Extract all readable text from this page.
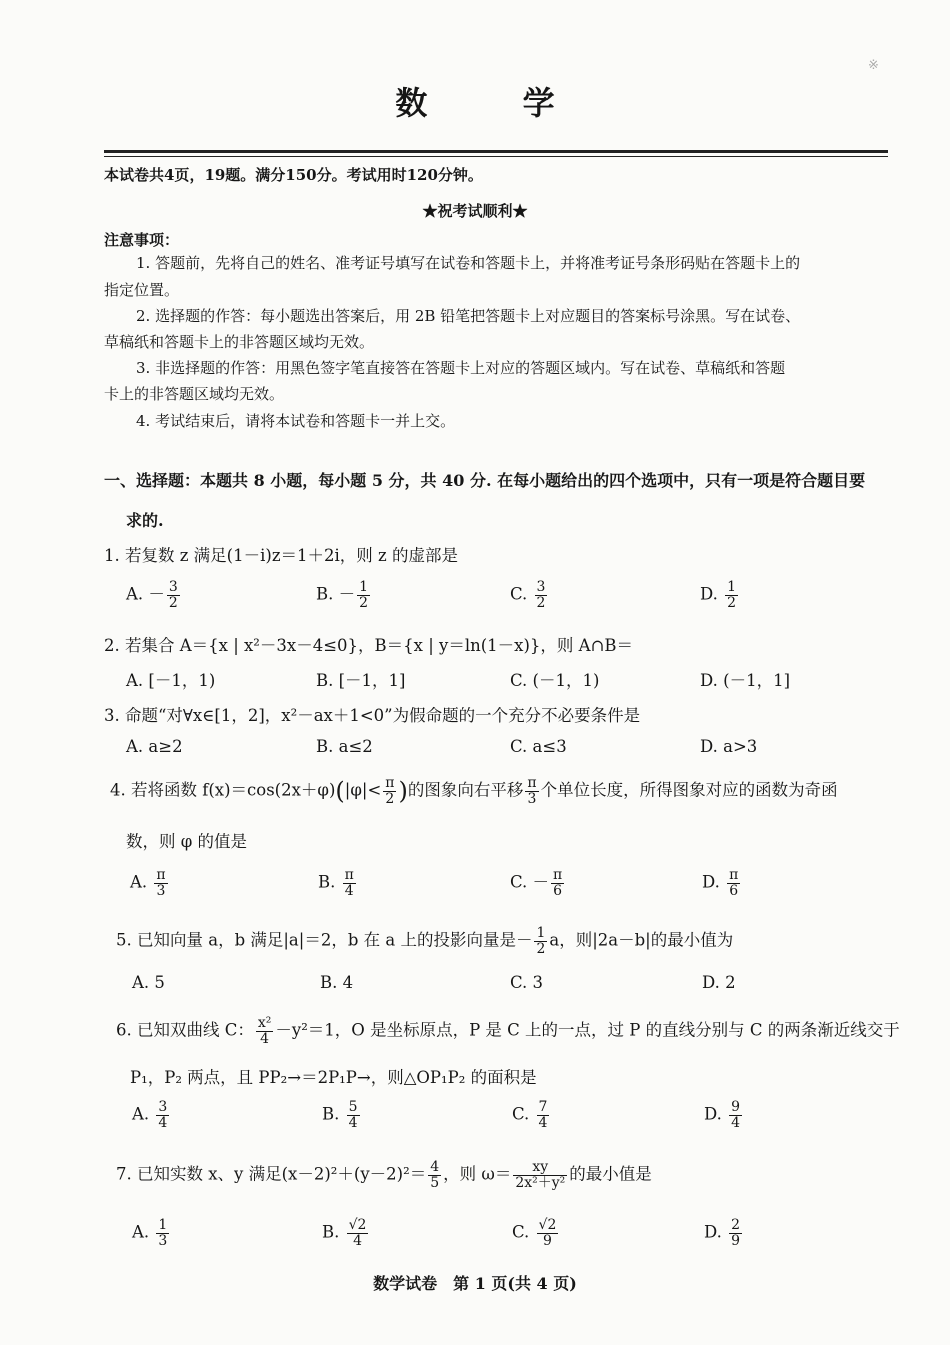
※
数 学
本试卷共4页，19题。满分150分。考试用时120分钟。
★祝考试顺利★
注意事项：
1. 答题前，先将自己的姓名、准考证号填写在试卷和答题卡上，并将准考证号条形码贴在答题卡上的
指定位置。
2. 选择题的作答：每小题选出答案后，用 2B 铅笔把答题卡上对应题目的答案标号涂黑。写在试卷、
草稿纸和答题卡上的非答题区域均无效。
3. 非选择题的作答：用黑色签字笔直接答在答题卡上对应的答题区域内。写在试卷、草稿纸和答题
卡上的非答题区域均无效。
4. 考试结束后，请将本试卷和答题卡一并上交。
一、选择题：本题共 8 小题，每小题 5 分，共 40 分. 在每小题给出的四个选项中，只有一项是符合题目要
求的.
1. 若复数 z 满足(1－i)z＝1＋2i，则 z 的虚部是
A. － $\frac{3}{2}$	B. － $\frac{1}{2}$	C. $\frac{3}{2}$	D. $\frac{1}{2}$
2. 若集合 A＝{x | x²－3x－4≤0}，B＝{x | y＝ln(1－x)}，则 A∩B＝
A. [－1，1)	B. [－1，1]	C. (－1，1)	D. (－1，1]
3. 命题“对∀x∈[1，2]，x²－ax＋1<0”为假命题的一个充分不必要条件是
A. a≥2	B. a≤2	C. a≤3	D. a>3
4. 若将函数 $f(x)=\cos(2x+\varphi)(|\varphi|< \frac{\pi}{2}$ )的图象向右平移 $\frac{\pi}{3}$ 个单位长度，所得图象对应的函数为奇函
数，则 φ 的值是
A. $\frac{\pi}{3}$	B. $\frac{\pi}{4}$	C. － $\frac{\pi}{6}$	D. $\frac{\pi}{6}$
5. 已知向量 a，b 满足|a|＝2，b 在 a 上的投影向量是－ $\frac{1}{2}$ a，则|2a－b|的最小值为
A. 5	B. 4	C. 3	D. 2
6. 已知双曲线 C： $\frac{\text{x²}}{4} -y^2=1$，O 是坐标原点，P 是 C 上的一点，过 P 的直线分别与 C 的两条渐近线交于
P₁，P₂ 两点，且 PP₂→＝2P₁P→，则△OP₁P₂ 的面积是
A. $\frac{3}{4}$	B. $\frac{5}{4}$	C. $\frac{7}{4}$	D. $\frac{9}{4}$
7. 已知实数 x、y 满足$(x-2)^2+(y-2)^2= \frac{4}{5}$ ，则 $\omega= \frac{xy}{\text{2x²＋y²}}$ 的最小值是
A. $\frac{1}{3}$	B. $\frac{√2}{4}$	C. $\frac{√2}{9}$	D. $\frac{2}{9}$
数学试卷　第 1 页(共 4 页)
